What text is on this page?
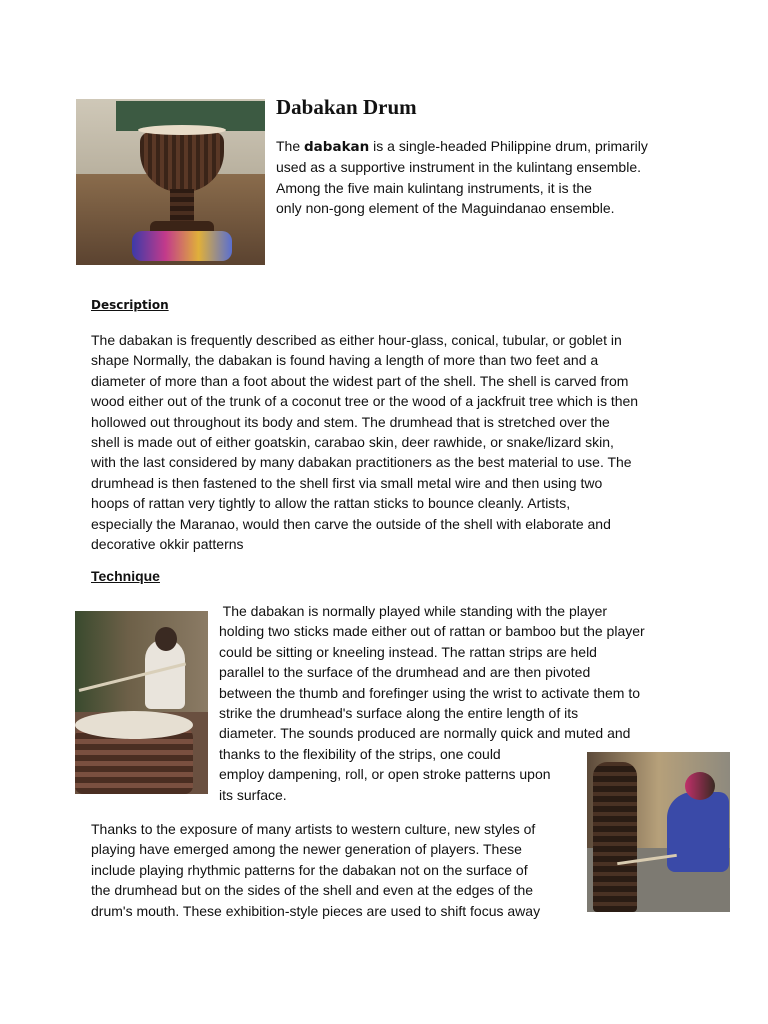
Dabakan Drum

The dabakan is a single-headed Philippine drum, primarily
used as a supportive instrument in the kulintang ensemble.
Among the five main kulintang instruments, it is the
only non-gong element of the Maguindanao ensemble.

Description

The dabakan is frequently described as either hour-glass, conical, tubular, or goblet in
shape Normally, the dabakan is found having a length of more than two feet and a
diameter of more than a foot about the widest part of the shell. The shell is carved from
wood either out of the trunk of a coconut tree or the wood of a jackfruit tree which is then
hollowed out throughout its body and stem. The drumhead that is stretched over the
shell is made out of either goatskin, carabao skin, deer rawhide, or snake/lizard skin,
with the last considered by many dabakan practitioners as the best material to use. The
drumhead is then fastened to the shell first via small metal wire and then using two
hoops of rattan very tightly to allow the rattan sticks to bounce cleanly. Artists,
especially the Maranao, would then carve the outside of the shell with elaborate and
decorative okkir patterns

Technique

The dabakan is normally played while standing with the player
holding two sticks made either out of rattan or bamboo but the player
could be sitting or kneeling instead. The rattan strips are held
parallel to the surface of the drumhead and are then pivoted
between the thumb and forefinger using the wrist to activate them to
strike the drumhead's surface along the entire length of its
diameter. The sounds produced are normally quick and muted and
thanks to the flexibility of the strips, one could
employ dampening, roll, or open stroke patterns upon
its surface.

Thanks to the exposure of many artists to western culture, new styles of
playing have emerged among the newer generation of players. These
include playing rhythmic patterns for the dabakan not on the surface of
the drumhead but on the sides of the shell and even at the edges of the
drum's mouth. These exhibition-style pieces are used to shift focus away
